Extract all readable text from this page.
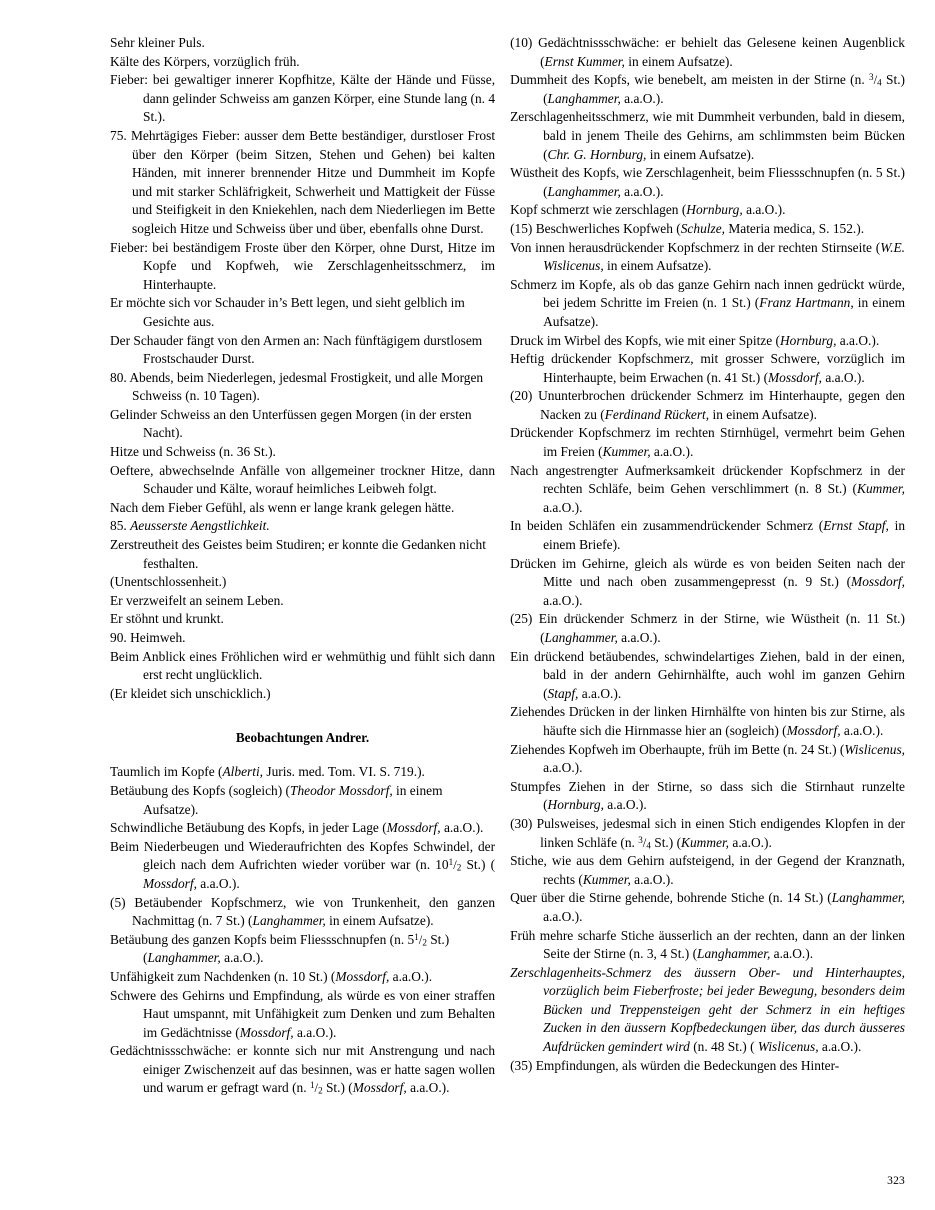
Sehr kleiner Puls.

Kälte des Körpers, vorzüglich früh.

Fieber: bei gewaltiger innerer Kopfhitze, Kälte der Hände und Füsse, dann gelinder Schweiss am ganzen Körper, eine Stunde lang (n. 4 St.).

75. Mehrtägiges Fieber: ausser dem Bette beständiger, durstloser Frost über den Körper (beim Sitzen, Stehen und Gehen) bei kalten Händen, mit innerer brennender Hitze und Dummheit im Kopfe und mit starker Schläfrigkeit, Schwerheit und Mattigkeit der Füsse und Steifigkeit in den Kniekehlen, nach dem Niederliegen im Bette sogleich Hitze und Schweiss über und über, ebenfalls ohne Durst.

Fieber: bei beständigem Froste über den Körper, ohne Durst, Hitze im Kopfe und Kopfweh, wie Zerschlagenheitsschmerz, im Hinterhaupte.

Er möchte sich vor Schauder in’s Bett legen, und sieht gelblich im Gesichte aus.

Der Schauder fängt von den Armen an: Nach fünftägigem durstlosem Frostschauder Durst.

80. Abends, beim Niederlegen, jedesmal Frostigkeit, und alle Morgen Schweiss (n. 10 Tagen).

Gelinder Schweiss an den Unterfüssen gegen Morgen (in der ersten Nacht).

Hitze und Schweiss (n. 36 St.).

Oeftere, abwechselnde Anfälle von allgemeiner trockner Hitze, dann Schauder und Kälte, worauf heimliches Leibweh folgt.

Nach dem Fieber Gefühl, als wenn er lange krank gelegen hätte.

85. Aeusserste Aengstlichkeit.

Zerstreutheit des Geistes beim Studiren; er konnte die Gedanken nicht festhalten.

(Unentschlossenheit.)

Er verzweifelt an seinem Leben.

Er stöhnt und krunkt.

90. Heimweh.

Beim Anblick eines Fröhlichen wird er wehmüthig und fühlt sich dann erst recht unglücklich.

(Er kleidet sich unschicklich.)

Beobachtungen Andrer.

Taumlich im Kopfe (Alberti, Juris. med. Tom. VI. S. 719.).

Betäubung des Kopfs (sogleich) (Theodor Mossdorf, in einem Aufsatze).

Schwindliche Betäubung des Kopfs, in jeder Lage (Mossdorf, a.a.O.).

Beim Niederbeugen und Wiederaufrichten des Kopfes Schwindel, der gleich nach dem Aufrichten wieder vorüber war (n. $10^1/_2$ St.) ( Mossdorf, a.a.O.).

(5) Betäubender Kopfschmerz, wie von Trunkenheit, den ganzen Nachmittag (n. 7 St.) (Langhammer, in einem Aufsatze).

Betäubung des ganzen Kopfs beim Fliessschnupfen (n. $5^1/_2$ St.) (Langhammer, a.a.O.).

Unfähigkeit zum Nachdenken (n. 10 St.) (Mossdorf, a.a.O.).

Schwere des Gehirns und Empfindung, als würde es von einer straffen Haut umspannt, mit Unfähigkeit zum Denken und zum Behalten im Gedächtnisse (Mossdorf, a.a.O.).

Gedächtnissschwäche: er konnte sich nur mit Anstrengung und nach einiger Zwischenzeit auf das besinnen, was er hatte sagen wollen und warum er gefragt ward (n. $^1/_2$ St.) (Mossdorf, a.a.O.).

(10) Gedächtnissschwäche: er behielt das Gelesene keinen Augenblick (Ernst Kummer, in einem Aufsatze).

Dummheit des Kopfs, wie benebelt, am meisten in der Stirne (n. $^3/_4$ St.) (Langhammer, a.a.O.).

Zerschlagenheitsschmerz, wie mit Dummheit verbunden, bald in diesem, bald in jenem Theile des Gehirns, am schlimmsten beim Bücken (Chr. G. Hornburg, in einem Aufsatze).

Wüstheit des Kopfs, wie Zerschlagenheit, beim Fliessschnupfen (n. 5 St.) (Langhammer, a.a.O.).

Kopf schmerzt wie zerschlagen (Hornburg, a.a.O.).

(15) Beschwerliches Kopfweh (Schulze, Materia medica, S. 152.).

Von innen herausdrückender Kopfschmerz in der rechten Stirnseite (W.E. Wislicenus, in einem Aufsatze).

Schmerz im Kopfe, als ob das ganze Gehirn nach innen gedrückt würde, bei jedem Schritte im Freien (n. 1 St.) (Franz Hartmann, in einem Aufsatze).

Druck im Wirbel des Kopfs, wie mit einer Spitze (Hornburg, a.a.O.).

Heftig drückender Kopfschmerz, mit grosser Schwere, vorzüglich im Hinterhaupte, beim Erwachen (n. 41 St.) (Mossdorf, a.a.O.).

(20) Ununterbrochen drückender Schmerz im Hinterhaupte, gegen den Nacken zu (Ferdinand Rückert, in einem Aufsatze).

Drückender Kopfschmerz im rechten Stirnhügel, vermehrt beim Gehen im Freien (Kummer, a.a.O.).

Nach angestrengter Aufmerksamkeit drückender Kopfschmerz in der rechten Schläfe, beim Gehen verschlimmert (n. 8 St.) (Kummer, a.a.O.).

In beiden Schläfen ein zusammendrückender Schmerz (Ernst Stapf, in einem Briefe).

Drücken im Gehirne, gleich als würde es von beiden Seiten nach der Mitte und nach oben zusammengepresst (n. 9 St.) (Mossdorf, a.a.O.).

(25) Ein drückender Schmerz in der Stirne, wie Wüstheit (n. 11 St.) (Langhammer, a.a.O.).

Ein drückend betäubendes, schwindelartiges Ziehen, bald in der einen, bald in der andern Gehirnhälfte, auch wohl im ganzen Gehirn (Stapf, a.a.O.).

Ziehendes Drücken in der linken Hirnhälfte von hinten bis zur Stirne, als häufte sich die Hirnmasse hier an (sogleich) (Mossdorf, a.a.O.).

Ziehendes Kopfweh im Oberhaupte, früh im Bette (n. 24 St.) (Wislicenus, a.a.O.).

Stumpfes Ziehen in der Stirne, so dass sich die Stirnhaut runzelte (Hornburg, a.a.O.).

(30) Pulsweises, jedesmal sich in einen Stich endigendes Klopfen in der linken Schläfe (n. $^3/_4$ St.) (Kummer, a.a.O.).

Stiche, wie aus dem Gehirn aufsteigend, in der Gegend der Kranznath, rechts (Kummer, a.a.O.).

Quer über die Stirne gehende, bohrende Stiche (n. 14 St.) (Langhammer, a.a.O.).

Früh mehre scharfe Stiche äusserlich an der rechten, dann an der linken Seite der Stirne (n. 3, 4 St.) (Langhammer, a.a.O.).

Zerschlagenheits-Schmerz des äussern Ober- und Hinterhauptes, vorzüglich beim Fieberfroste; bei jeder Bewegung, besonders deim Bücken und Treppensteigen geht der Schmerz in ein heftiges Zucken in den äussern Kopfbedeckungen über, das durch äusseres Aufdrücken gemindert wird (n. 48 St.) ( Wislicenus, a.a.O.).

(35) Empfindungen, als würden die Bedeckungen des Hinter-

323
